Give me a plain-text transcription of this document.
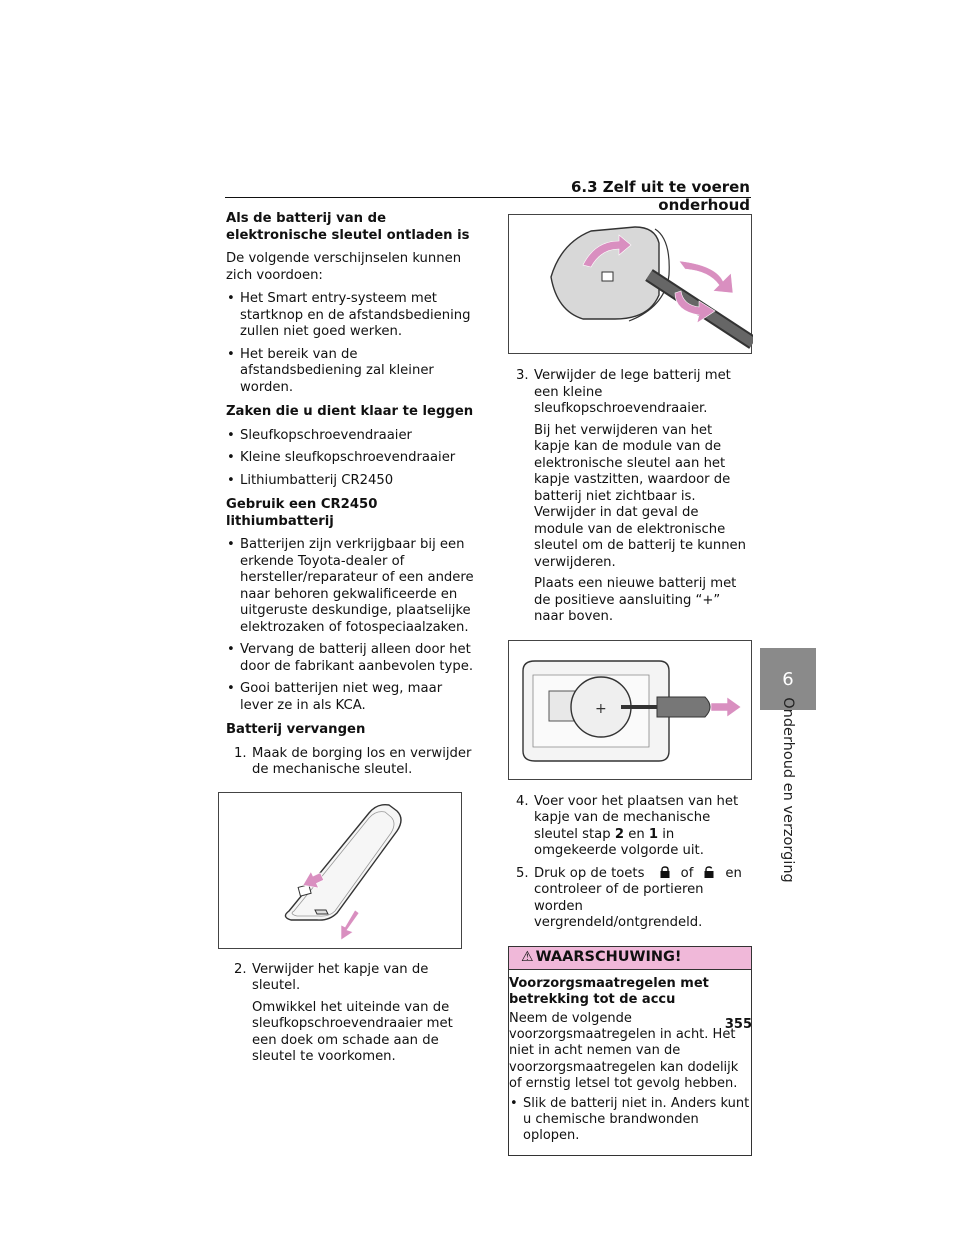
6.3 Zelf uit te voeren onderhoud
Als de batterij van de elektronische sleutel ontladen is

De volgende verschijnselen kunnen zich voordoen:

• Het Smart entry-systeem met startknop en de afstandsbediening zullen niet goed werken.
• Het bereik van de afstandsbediening zal kleiner worden.
Zaken die u dient klaar te leggen
• Sleufkopschroevendraaier
• Kleine sleufkopschroevendraaier
• Lithiumbatterij CR2450
Gebruik een CR2450 lithiumbatterij
• Batterijen zijn verkrijgbaar bij een erkende Toyota-dealer of hersteller/reparateur of een andere naar behoren gekwalificeerde en uitgeruste deskundige, plaatselijke elektrozaken of fotospeciaalzaken.
• Vervang de batterij alleen door het door de fabrikant aanbevolen type.
• Gooi batterijen niet weg, maar lever ze in als KCA.
Batterij vervangen
1. Maak de borging los en verwijder de mechanische sleutel.
2. Verwijder het kapje van de sleutel.
Omwikkel het uiteinde van de sleufkopschroevendraaier met een doek om schade aan de sleutel te voorkomen.
3. Verwijder de lege batterij met een kleine sleufkopschroevendraaier.
Bij het verwijderen van het kapje kan de module van de elektronische sleutel aan het kapje vastzitten, waardoor de batterij niet zichtbaar is. Verwijder in dat geval de module van de elektronische sleutel om de batterij te kunnen verwijderen.
Plaats een nieuwe batterij met de positieve aansluiting “+” naar boven.
+
4. Voer voor het plaatsen van het kapje van de mechanische sleutel stap 2 en 1 in omgekeerde volgorde uit.
5. Druk op de toets	of en controleer of de portieren worden vergrendeld/ontgrendeld.
⚠ WAARSCHUWING!
Voorzorgsmaatregelen met betrekking tot de accu

Neem de volgende voorzorgsmaatregelen in acht. Het niet in acht nemen van de voorzorgsmaatregelen kan dodelijk of ernstig letsel tot gevolg hebben.

• Slik de batterij niet in. Anders kunt u chemische brandwonden oplopen.
6
Onderhoud en verzorging
355
